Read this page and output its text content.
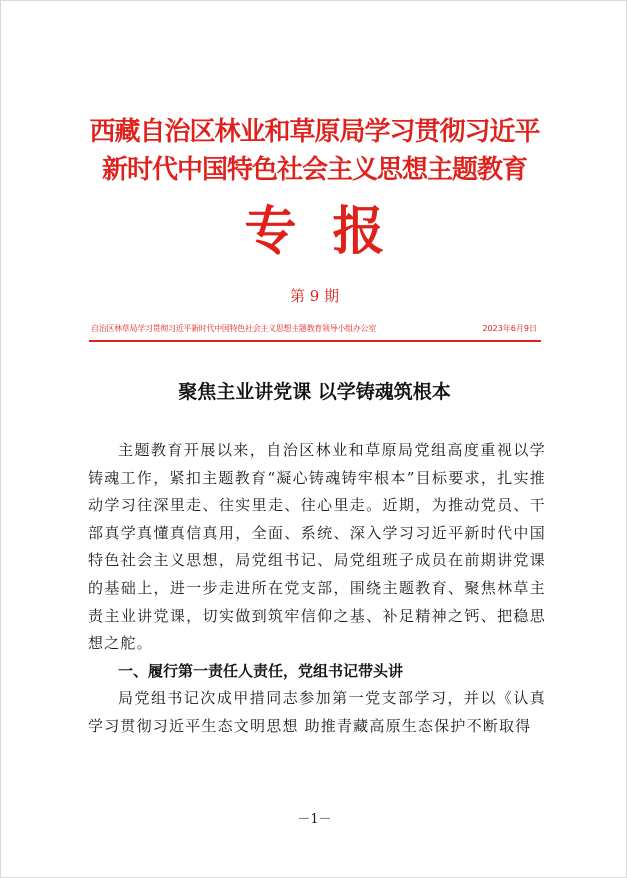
西藏自治区林业和草原局学习贯彻习近平
新时代中国特色社会主义思想主题教育
专报
第 9 期
自治区林草局学习贯彻习近平新时代中国特色社会主义思想主题教育领导小组办公室	2023年6月9日
聚焦主业讲党课 以学铸魂筑根本

主题教育开展以来，自治区林业和草原局党组高度重视以学铸魂工作，紧扣主题教育“凝心铸魂铸牢根本”目标要求，扎实推动学习往深里走、往实里走、往心里走。近期，为推动党员、干部真学真懂真信真用，全面、系统、深入学习习近平新时代中国特色社会主义思想，局党组书记、局党组班子成员在前期讲党课的基础上，进一步走进所在党支部，围绕主题教育、聚焦林草主责主业讲党课，切实做到筑牢信仰之基、补足精神之钙、把稳思想之舵。

一、履行第一责任人责任，党组书记带头讲

局党组书记次成甲措同志参加第一党支部学习，并以《认真学习贯彻习近平生态文明思想 助推青藏高原生态保护不断取得

－1－
